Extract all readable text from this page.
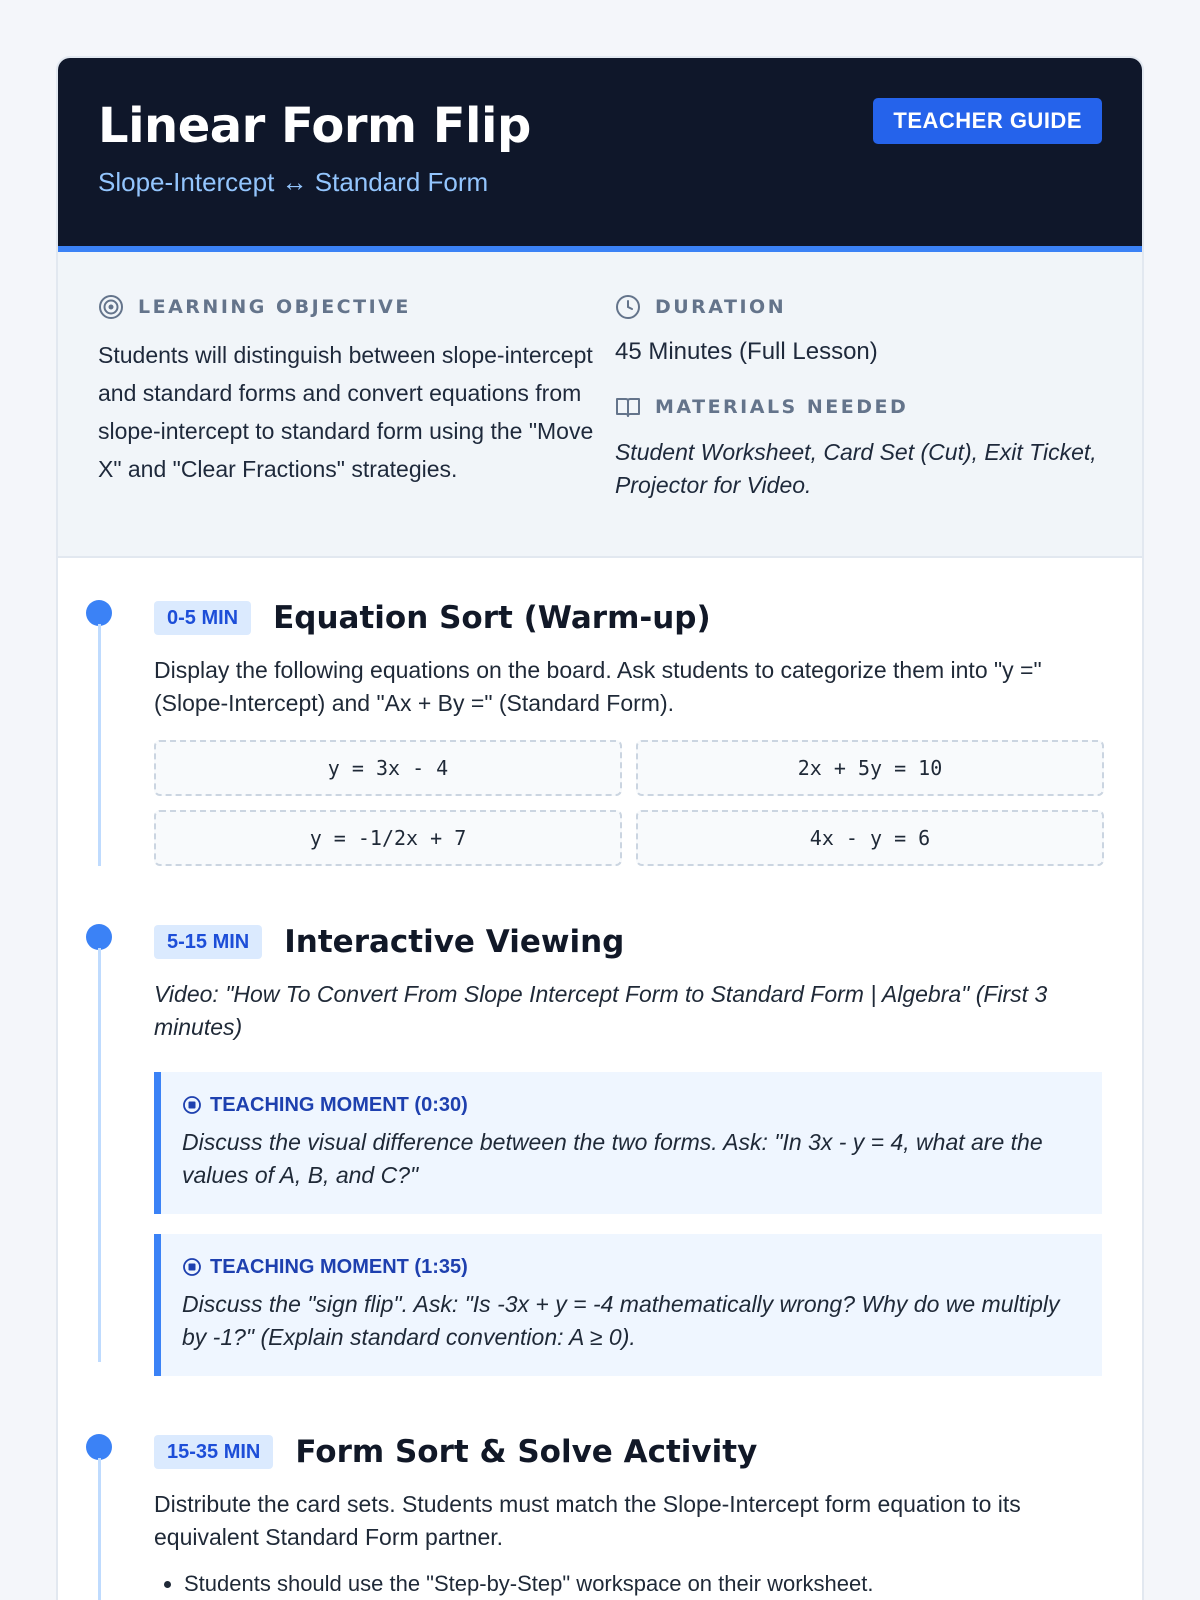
Linear Form Flip
Slope-Intercept ↔ Standard Form
TEACHER GUIDE
LEARNING OBJECTIVE
Students will distinguish between slope-intercept and standard forms and convert equations from slope-intercept to standard form using the "Move X" and "Clear Fractions" strategies.
DURATION
45 Minutes (Full Lesson)
MATERIALS NEEDED
Student Worksheet, Card Set (Cut), Exit Ticket, Projector for Video.
0-5 MIN	Equation Sort (Warm-up)
Display the following equations on the board. Ask students to categorize them into "y =" (Slope-Intercept) and "Ax + By =" (Standard Form).
y = 3x - 4	2x + 5y = 10
y = -1/2x + 7	4x - y = 6
5-15 MIN	Interactive Viewing
Video: "How To Convert From Slope Intercept Form to Standard Form | Algebra" (First 3 minutes)
TEACHING MOMENT (0:30)
Discuss the visual difference between the two forms. Ask: "In 3x - y = 4, what are the values of A, B, and C?"
TEACHING MOMENT (1:35)
Discuss the "sign flip". Ask: "Is -3x + y = -4 mathematically wrong? Why do we multiply by -1?" (Explain standard convention: A ≥ 0).
15-35 MIN	Form Sort & Solve Activity
Distribute the card sets. Students must match the Slope-Intercept form equation to its equivalent Standard Form partner.
• Students should use the "Step-by-Step" workspace on their worksheet.
